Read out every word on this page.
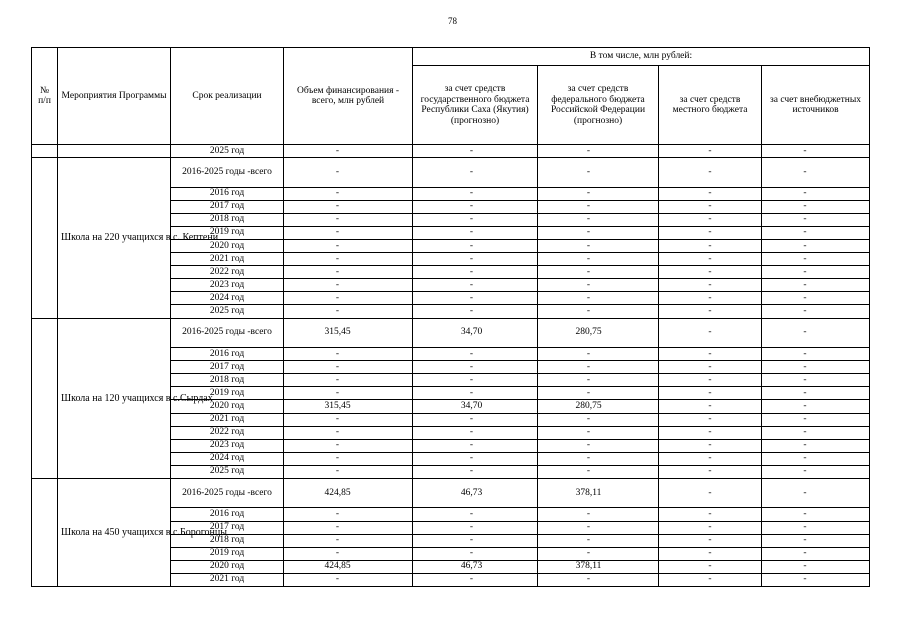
78
№ п/п	Мероприятия Программы	Срок реализации	Объем финансирования - всего, млн рублей	В том числе, млн рублей:			
				за счет средств государственного бюджета Республики Саха (Якутия) (прогнозно)	за счет средств федерального бюджета Российской Федерации (прогнозно)	за счет средств местного бюджета	за счет внебюджетных источников
		2025 год	-	-	-	-	-
	Школа на 220 учащихся в с. Кептени	2016-2025 годы -всего	-	-	-	-	-
		2016 год	-	-	-	-	-
		2017 год	-	-	-	-	-
		2018 год	-	-	-	-	-
		2019 год	-	-	-	-	-
		2020 год	-	-	-	-	-
		2021 год	-	-	-	-	-
		2022 год	-	-	-	-	-
		2023 год	-	-	-	-	-
		2024 год	-	-	-	-	-
		2025 год	-	-	-	-	-
	Школа на 120 учащихся в с.Сырдах	2016-2025 годы -всего	315,45	34,70	280,75	-	-
		2016 год	-	-	-	-	-
		2017 год	-	-	-	-	-
		2018 год	-	-	-	-	-
		2019 год	-	-	-	-	-
		2020 год	315,45	34,70	280,75	-	-
		2021 год	-	-	-	-	-
		2022 год	-	-	-	-	-
		2023 год	-	-	-	-	-
		2024 год	-	-	-	-	-
		2025 год	-	-	-	-	-
	Школа на 450 учащихся в с.Борогонцы	2016-2025 годы -всего	424,85	46,73	378,11	-	-
		2016 год	-	-	-	-	-
		2017 год	-	-	-	-	-
		2018 год	-	-	-	-	-
		2019 год	-	-	-	-	-
		2020 год	424,85	46,73	378,11	-	-
		2021 год	-	-	-	-	-
